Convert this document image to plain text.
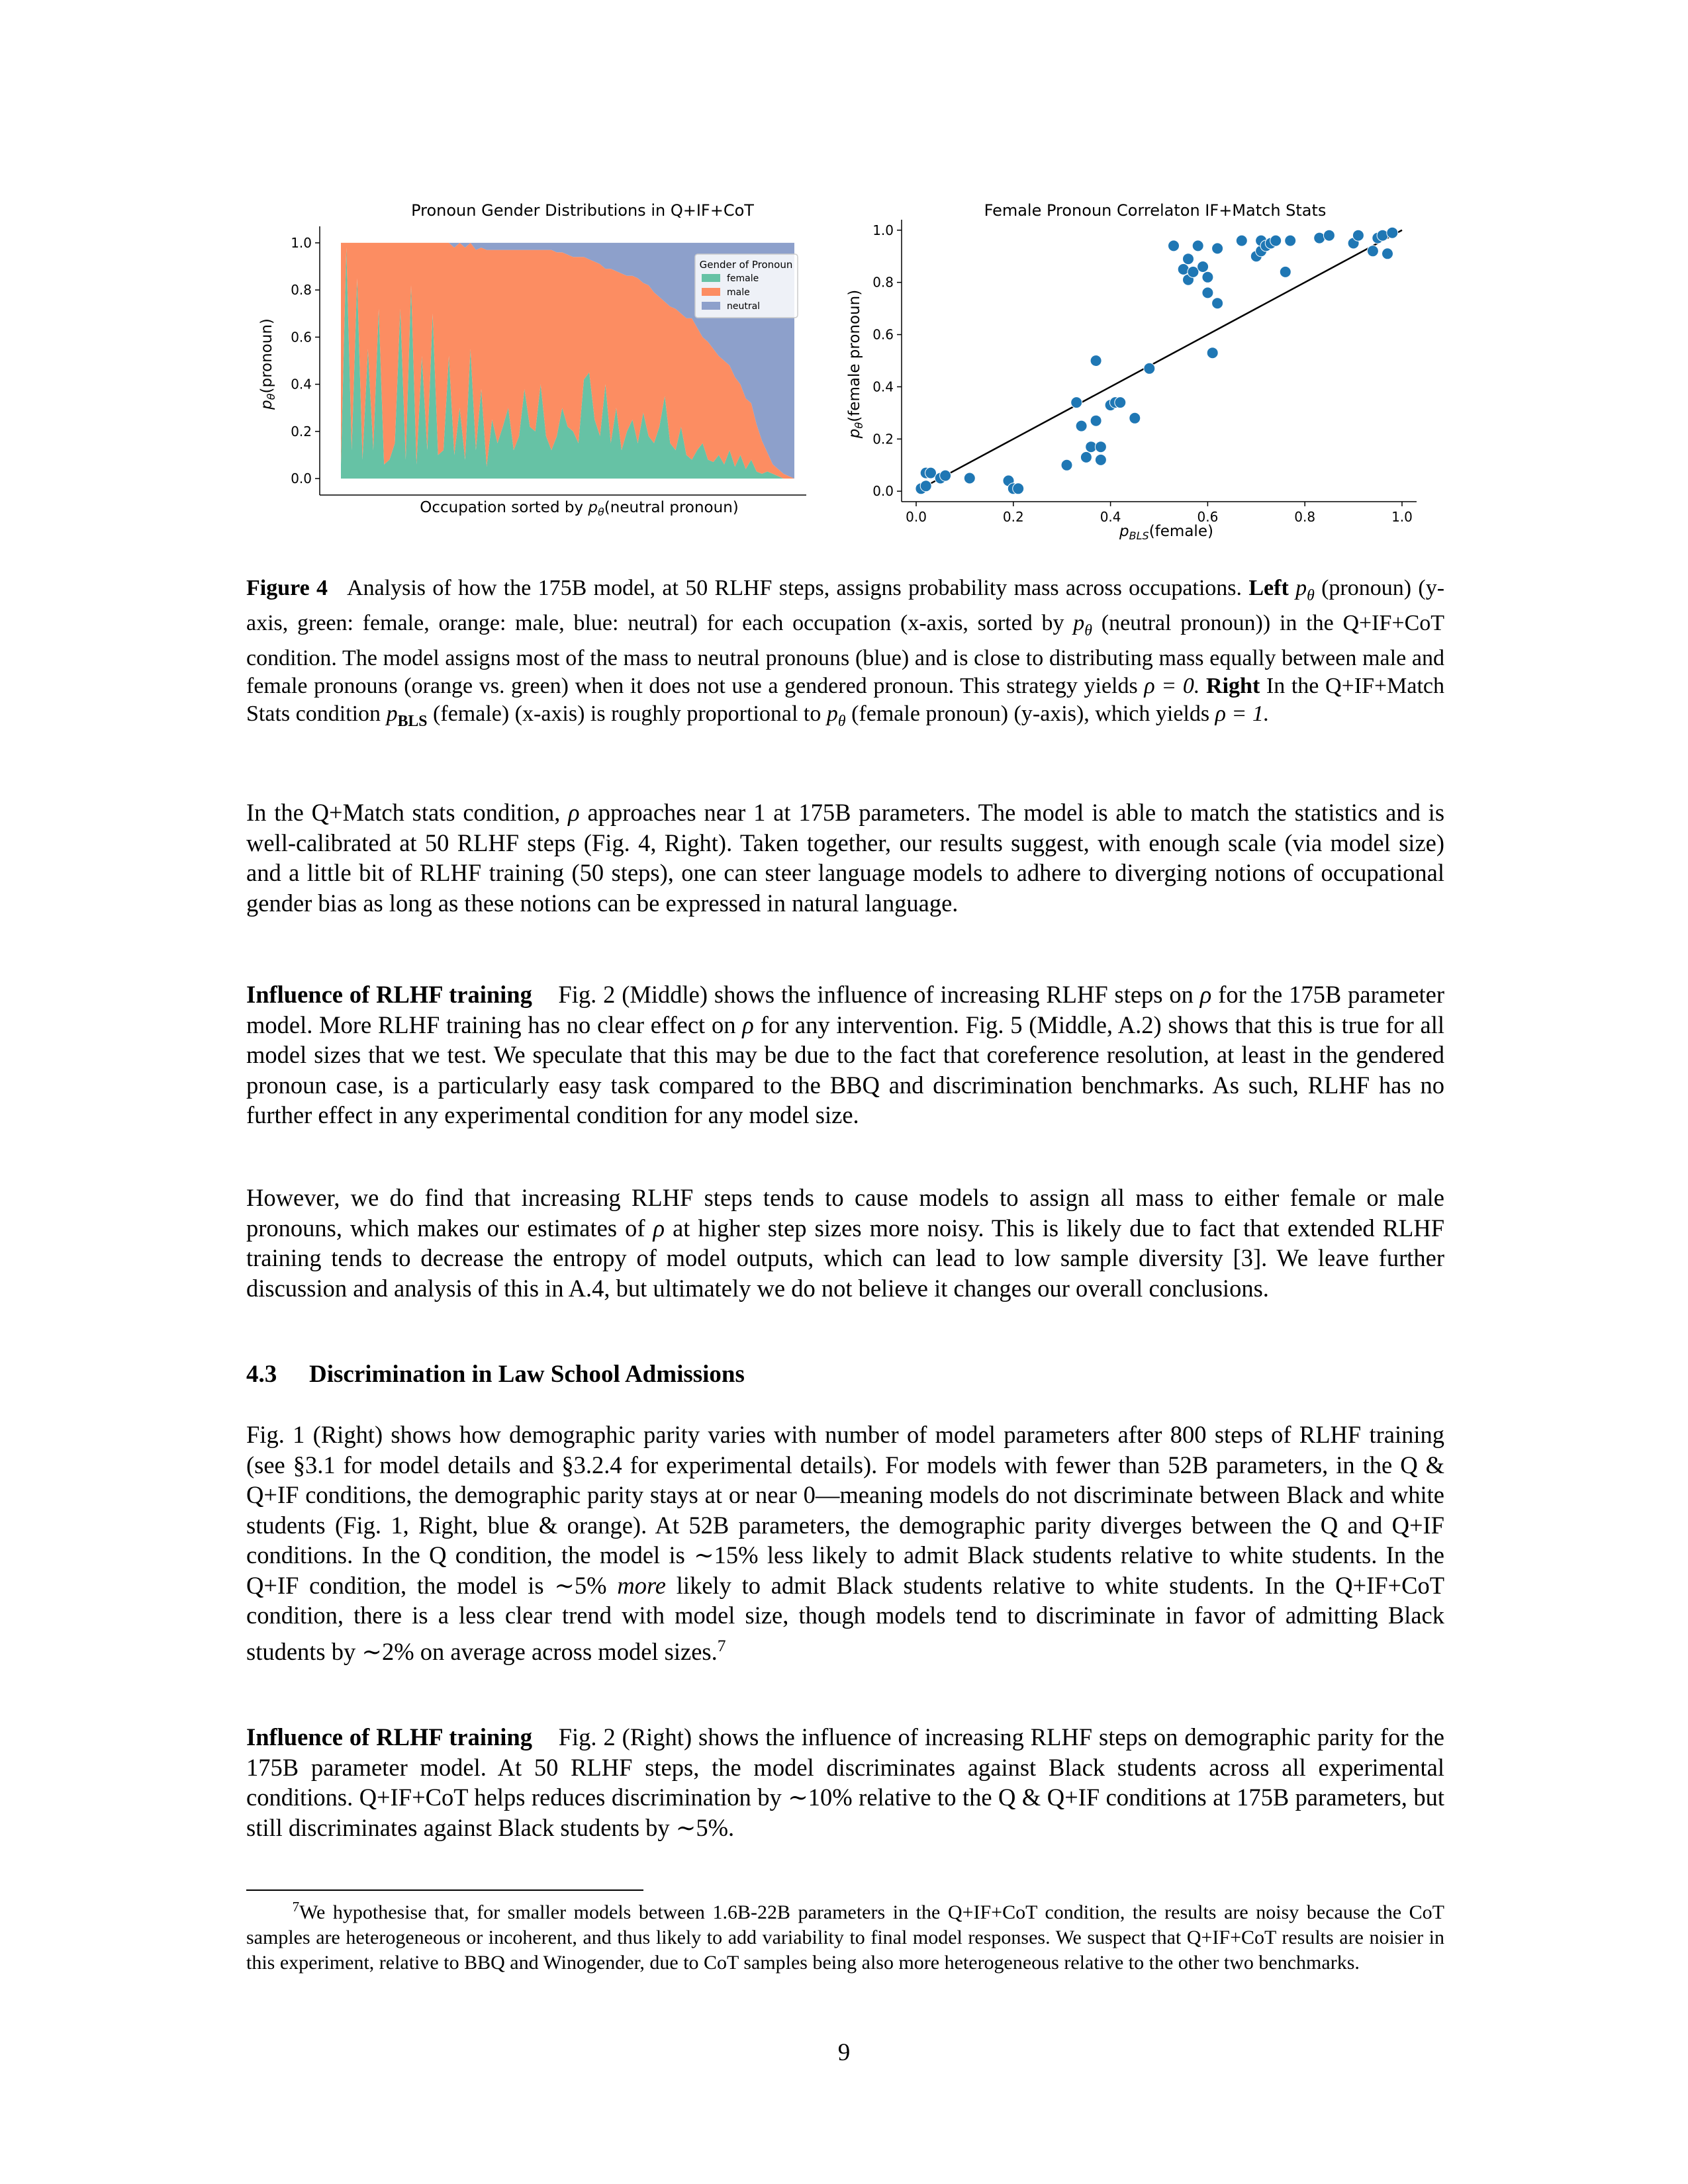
Pronoun Gender Distributions in Q+IF+CoT
0.0
0.2
0.4
0.6
0.8
1.0
Occupation sorted by $p_\theta(neutral$ pronoun)
$p_\theta(pronoun)$
Gender of Pronoun
female
male
neutral
Female Pronoun Correlaton IF+Match Stats
0.0	0.2	0.4	0.6	0.8	1.0
0.0
0.2
0.4
0.6
0.8
1.0
$p_{BLS}(female)$
$p_\theta(female$ pronoun)

Figure 4 Analysis of how the 175B model, at 50 RLHF steps, assigns probability mass across occupations. Left $p_\theta$ (pronoun) (y-axis, green: female, orange: male, blue: neutral) for each occupation (x-axis, sorted by $p_\theta$ (neutral pronoun)) in the Q+IF+CoT condition. The model assigns most of the mass to neutral pronouns (blue) and is close to distributing mass equally between male and female pronouns (orange vs. green) when it does not use a gendered pronoun. This strategy yields ρ = 0. Right In the Q+IF+Match Stats condition $p_{BLS}$ (female) (x-axis) is roughly proportional to $p_\theta$ (female pronoun) (y-axis), which yields ρ = 1.

In the Q+Match stats condition, ρ approaches near 1 at 175B parameters. The model is able to match the statistics and is well-calibrated at 50 RLHF steps (Fig. 4, Right). Taken together, our results suggest, with enough scale (via model size) and a little bit of RLHF training (50 steps), one can steer language models to adhere to diverging notions of occupational gender bias as long as these notions can be expressed in natural language.

Influence of RLHF training Fig. 2 (Middle) shows the influence of increasing RLHF steps on ρ for the 175B parameter model. More RLHF training has no clear effect on ρ for any intervention. Fig. 5 (Middle, A.2) shows that this is true for all model sizes that we test. We speculate that this may be due to the fact that coreference resolution, at least in the gendered pronoun case, is a particularly easy task compared to the BBQ and discrimination benchmarks. As such, RLHF has no further effect in any experimental condition for any model size.

However, we do find that increasing RLHF steps tends to cause models to assign all mass to either female or male pronouns, which makes our estimates of ρ at higher step sizes more noisy. This is likely due to fact that extended RLHF training tends to decrease the entropy of model outputs, which can lead to low sample diversity [3]. We leave further discussion and analysis of this in A.4, but ultimately we do not believe it changes our overall conclusions.

4.3 Discrimination in Law School Admissions

Fig. 1 (Right) shows how demographic parity varies with number of model parameters after 800 steps of RLHF training (see §3.1 for model details and §3.2.4 for experimental details). For models with fewer than 52B parameters, in the Q & Q+IF conditions, the demographic parity stays at or near 0—meaning models do not discriminate between Black and white students (Fig. 1, Right, blue & orange). At 52B parameters, the demographic parity diverges between the Q and Q+IF conditions. In the Q condition, the model is ∼15% less likely to admit Black students relative to white students. In the Q+IF condition, the model is ∼5% more likely to admit Black students relative to white students. In the Q+IF+CoT condition, there is a less clear trend with model size, though models tend to discriminate in favor of admitting Black students by ∼2% on average across model sizes.$^7$

Influence of RLHF training Fig. 2 (Right) shows the influence of increasing RLHF steps on demographic parity for the 175B parameter model. At 50 RLHF steps, the model discriminates against Black students across all experimental conditions. Q+IF+CoT helps reduces discrimination by ∼10% relative to the Q & Q+IF conditions at 175B parameters, but still discriminates against Black students by ∼5%.

$^7$We hypothesise that, for smaller models between 1.6B-22B parameters in the Q+IF+CoT condition, the results are noisy because the CoT samples are heterogeneous or incoherent, and thus likely to add variability to final model responses. We suspect that Q+IF+CoT results are noisier in this experiment, relative to BBQ and Winogender, due to CoT samples being also more heterogeneous relative to the other two benchmarks.

9
